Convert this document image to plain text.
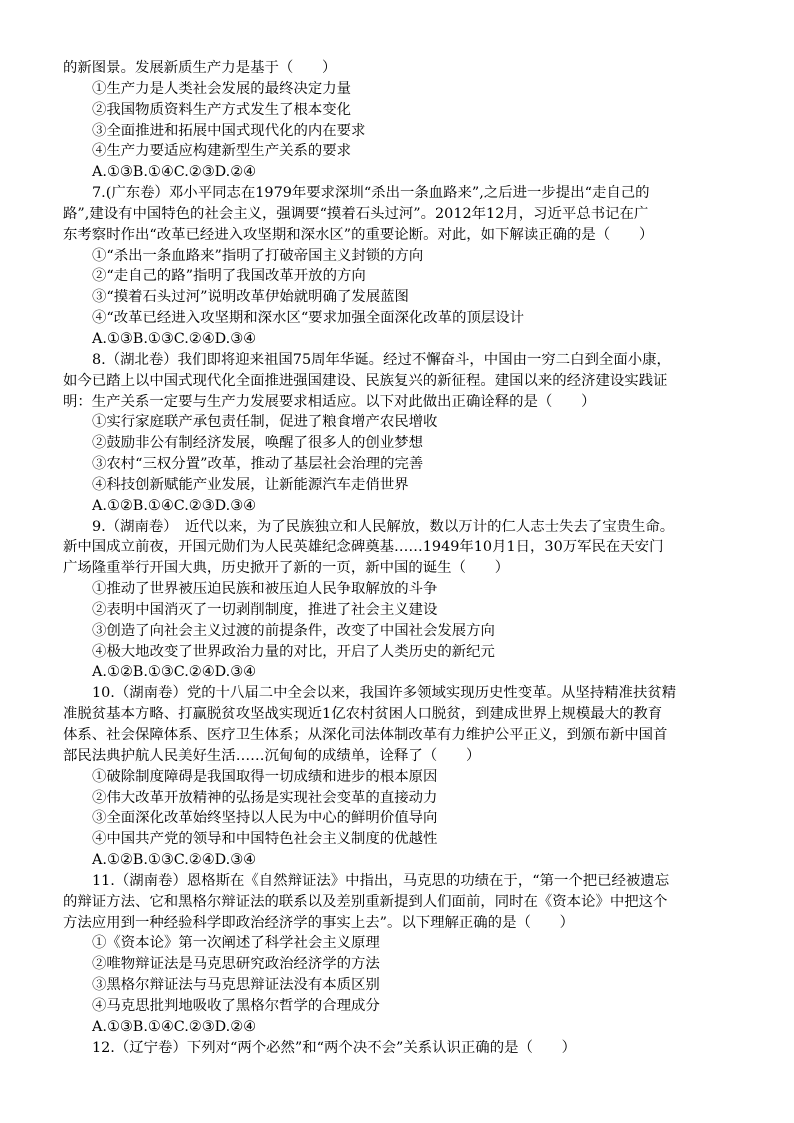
的新图景。发展新质生产力是基于（　　）
①生产力是人类社会发展的最终决定力量
②我国物质资料生产方式发生了根本变化
③全面推进和拓展中国式现代化的内在要求
④生产力要适应构建新型生产关系的要求
A.①③B.①④C.②③D.②④
7.(广东卷）邓小平同志在1979年要求深圳“杀出一条血路来”,之后进一步提出“走自己的
路”,建设有中国特色的社会主义，强调要“摸着石头过河”。2012年12月，习近平总书记在广
东考察时作出“改革已经进入攻坚期和深水区”的重要论断。对此，如下解读正确的是（　　）
①“杀出一条血路来”指明了打破帝国主义封锁的方向
②“走自己的路”指明了我国改革开放的方向
③“摸着石头过河”说明改革伊始就明确了发展蓝图
④“改革已经进入攻坚期和深水区“要求加强全面深化改革的顶层设计
A.①③B.①③C.②④D.③④
8.（湖北卷）我们即将迎来祖国75周年华诞。经过不懈奋斗，中国由一穷二白到全面小康，
如今已踏上以中国式现代化全面推进强国建设、民族复兴的新征程。建国以来的经济建设实践证
明：生产关系一定要与生产力发展要求相适应。以下对此做出正确诠释的是（　　）
①实行家庭联产承包责任制，促进了粮食增产农民增收
②鼓励非公有制经济发展，唤醒了很多人的创业梦想
③农村“三权分置”改革，推动了基层社会治理的完善
④科技创新赋能产业发展，让新能源汽车走俏世界
A.①②B.①④C.②③D.③④
9.（湖南卷）　近代以来，为了民族独立和人民解放，数以万计的仁人志士失去了宝贵生命。
新中国成立前夜，开国元勋们为人民英雄纪念碑奠基……1949年10月1日，30万军民在天安门
广场隆重举行开国大典，历史掀开了新的一页，新中国的诞生（　　）
①推动了世界被压迫民族和被压迫人民争取解放的斗争
②表明中国消灭了一切剥削制度，推进了社会主义建设
③创造了向社会主义过渡的前提条件，改变了中国社会发展方向
④极大地改变了世界政治力量的对比，开启了人类历史的新纪元
A.①②B.①③C.②④D.③④
10.（湖南卷）党的十八届二中全会以来，我国许多领域实现历史性变革。从坚持精准扶贫精
准脱贫基本方略、打赢脱贫攻坚战实现近1亿农村贫困人口脱贫，到建成世界上规模最大的教育
体系、社会保障体系、医疗卫生体系；从深化司法体制改革有力维护公平正义，到颁布新中国首
部民法典护航人民美好生活……沉甸甸的成绩单，诠释了（　　）
①破除制度障碍是我国取得一切成绩和进步的根本原因
②伟大改革开放精神的弘扬是实现社会变革的直接动力
③全面深化改革始终坚持以人民为中心的鲜明价值导向
④中国共产党的领导和中国特色社会主义制度的优越性
A.①②B.①③C.②④D.③④
11.（湖南卷）恩格斯在《自然辩证法》中指出，马克思的功绩在于，“第一个把已经被遗忘
的辩证方法、它和黑格尔辩证法的联系以及差别重新提到人们面前，同时在《资本论》中把这个
方法应用到一种经验科学即政治经济学的事实上去”。以下理解正确的是（　　）
①《资本论》第一次阐述了科学社会主义原理
②唯物辩证法是马克思研究政治经济学的方法
③黑格尔辩证法与马克思辩证法没有本质区别
④马克思批判地吸收了黑格尔哲学的合理成分
A.①③B.①④C.②③D.②④
12.（辽宁卷）下列对“两个必然”和“两个决不会”关系认识正确的是（　　）
